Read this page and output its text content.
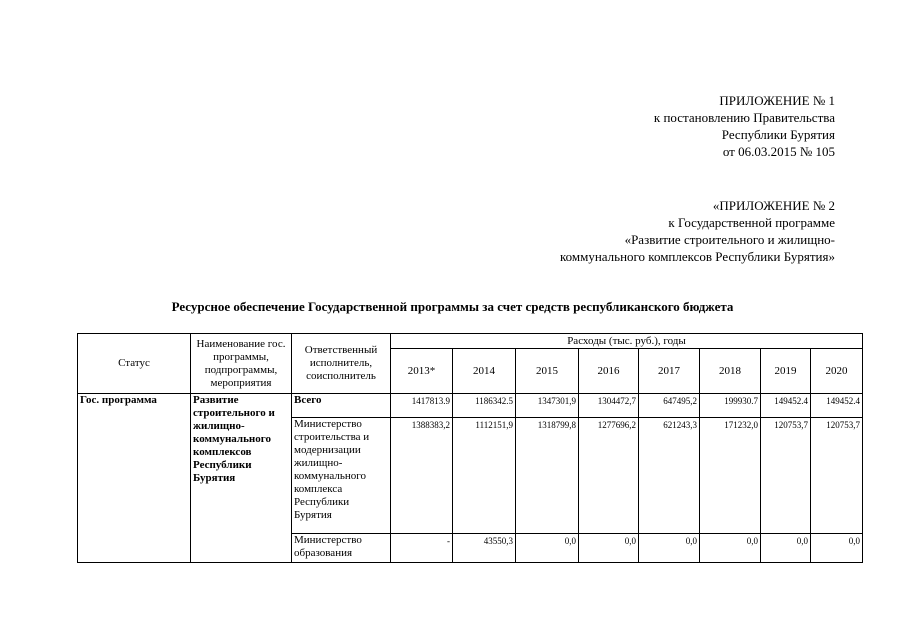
ПРИЛОЖЕНИЕ № 1
к постановлению Правительства
Республики Бурятия
от 06.03.2015 № 105
«ПРИЛОЖЕНИЕ № 2
к Государственной программе
«Развитие строительного и жилищно-
коммунального комплексов Республики Бурятия»
Ресурсное обеспечение Государственной программы за счет средств республиканского бюджета
Статус	Наименование гос. программы, подпрограммы, мероприятия	Ответственный исполнитель, соисполнитель	Расходы (тыс. руб.), годы							
			2013*	2014	2015	2016	2017	2018	2019	2020
Гос. программа	Развитие строительного и жилищно-коммунального комплексов Республики Бурятия	Всего	1417813.9	1186342.5	1347301,9	1304472,7	647495,2	199930.7	149452.4	149452.4
		Министерство строительства и модернизации жилищно-коммунального комплекса Республики Бурятия	1388383,2	1112151,9	1318799,8	1277696,2	621243,3	171232,0	120753,7	120753,7
		Министерство образования	-	43550,3	0,0	0,0	0,0	0,0	0,0	0,0
